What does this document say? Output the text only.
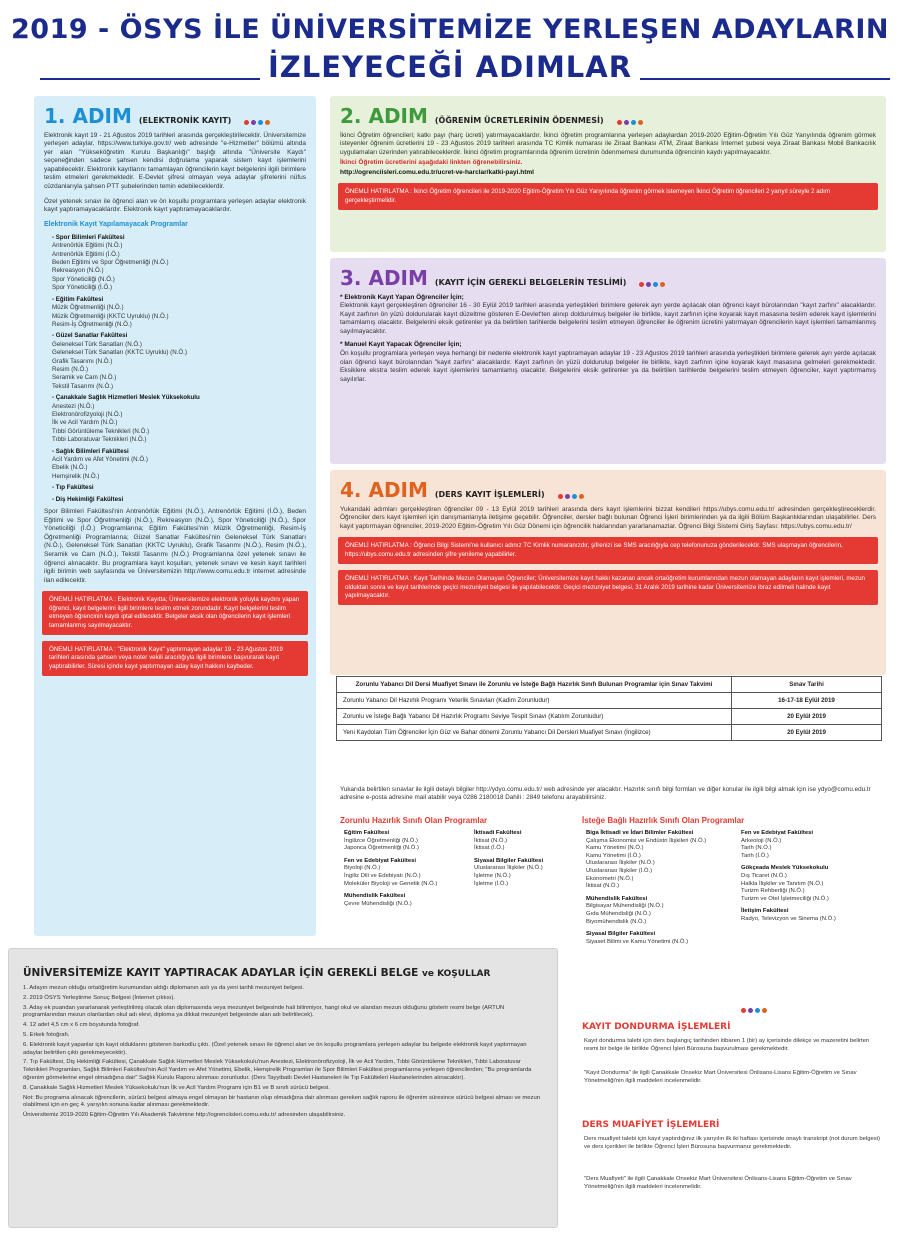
2019 - ÖSYS İLE ÜNİVERSİTEMİZE YERLEŞEN ADAYLARIN
İZLEYECEĞİ ADIMLAR
1. ADIM (ELEKTRONİK KAYIT)
Elektronik kayıt 19 - 21 Ağustos 2019 tarihleri arasında gerçekleştirilecektir. Üniversitemize yerleşen adaylar, https://www.turkiye.gov.tr/ web adresinde "e-Hizmetler" bölümü altında yer alan "Yükseköğretim Kurulu Başkanlığı" başlığı altında "Üniversite Kaydı" seçeneğinden sadece şahsen kendisi doğrulama yaparak sistem kayıt işlemlerini yapabilecektir. Elektronik kayıtlarını tamamlayan öğrencilerin kayıt belgelerini ilgili birimlere teslim etmeleri gerekmektedir. E-Devlet şifresi olmayan veya adaylar şifrelerini nüfus cüzdanlarıyla şahsen PTT şubelerinden temin edebileceklerdir.
Özel yetenek sınavı ile öğrenci alan ve ön koşullu programlara yerleşen adaylar elektronik kayıt yaptıramayacaklardır. Elektronik kayıt yaptıramayacaklardır.
Elektronik Kayıt Yapılamayacak Programlar
- Spor Bilimleri Fakültesi
Antrenörlük Eğitimi (N.Ö.)
Antrenörlük Eğitimi (İ.Ö.)
Beden Eğitimi ve Spor Öğretmenliği (N.Ö.)
Rekreasyon (N.Ö.)
Spor Yöneticiliği (N.Ö.)
Spor Yöneticiliği (İ.Ö.)
- Eğitim Fakültesi
Müzik Öğretmenliği (N.Ö.)
Müzik Öğretmenliği (KKTC Uyruklu) (N.Ö.)
Resim-İş Öğretmenliği (N.Ö.)
- Güzel Sanatlar Fakültesi
Geleneksel Türk Sanatları (N.Ö.)
Geleneksel Türk Sanatları (KKTC Uyruklu) (N.Ö.)
Grafik Tasarımı (N.Ö.)
Resim (N.Ö.)
Seramik ve Cam (N.Ö.)
Tekstil Tasarımı (N.Ö.)
- Çanakkale Sağlık Hizmetleri Meslek Yüksekokulu
Anestezi (N.Ö.)
Elektronörofizyoloji (N.Ö.)
İlk ve Acil Yardım (N.Ö.)
Tıbbi Görüntüleme Teknikleri (N.Ö.)
Tıbbi Laboratuvar Teknikleri (N.Ö.)
- Sağlık Bilimleri Fakültesi
Acil Yardım ve Afet Yönetimi (N.Ö.)
Ebelik (N.Ö.)
Hemşirelik (N.Ö.)
- Tıp Fakültesi
- Diş Hekimliği Fakültesi
Spor Bilimleri Fakültesi'nin Antrenörlük Eğitimi (N.Ö.), Antrenörlük Eğitimi (İ.Ö.), Beden Eğitimi ve Spor Öğretmenliği (N.Ö.), Rekreasyon (N.Ö.), Spor Yöneticiliği (N.Ö.), Spor Yöneticiliği (İ.Ö.) Programlarına; Eğitim Fakültesi'nin Müzik Öğretmenliği, Resim-İş Öğretmenliği Programlarına; Güzel Sanatlar Fakültesi'nin Geleneksel Türk Sanatları (N.Ö.), Geleneksel Türk Sanatları (KKTC Uyruklu), Grafik Tasarımı (N.Ö.), Resim (N.Ö.), Seramik ve Cam (N.Ö.), Tekstil Tasarımı (N.Ö.) Programlarına özel yetenek sınavı ile öğrenci alınacaktır. Bu programlara kayıt koşulları, yetenek sınavı ve kesin kayıt tarihleri ilgili birimin web sayfasında ve Üniversitemizin http://www.comu.edu.tr internet adresinde ilan edilecektir.
ÖNEMLİ HATIRLATMA : Elektronik Kayıtta; Üniversitemize elektronik yoluyla kaydını yapan öğrenci, kayıt belgelerini ilgili birimlere teslim etmek zorundadır. Kayıt belgelerini teslim etmeyen öğrencinin kaydı iptal edilecektir. Belgeler eksik olan öğrencilerin kayıt işlemleri tamamlanmış sayılmayacaktır.
ÖNEMLİ HATIRLATMA : "Elektronik Kayıt" yaptırmayan adaylar 19 - 23 Ağustos 2019 tarihleri arasında şahsen veya noter vekili aracılığıyla ilgili birimlere başvurarak kayıt yaptırabilirler. Süresi içinde kayıt yaptırmayan aday kayıt hakkını kaybeder.
2. ADIM (ÖĞRENİM ÜCRETLERİNİN ÖDENMESİ)
İkinci Öğretim öğrencileri; katkı payı (harç ücreti) yatırmayacaklardır. İkinci öğretim programlarına yerleşen adaylardan 2019-2020 Eğitim-Öğretim Yılı Güz Yarıyılında öğrenim görmek isteyenler öğrenim ücretlerini 19 - 23 Ağustos 2019 tarihleri arasında TC Kimlik numarası ile Ziraat Bankası ATM, Ziraat Bankası İnternet şubesi veya Ziraat Bankası Mobil Bankacılık uygulamaları üzerinden yatırabileceklerdir. İkinci öğretim programlarında öğrenim ücretinin ödenmemesi durumunda öğrencinin kaydı yapılmayacaktır.
İkinci Öğretim ücretlerini aşağıdaki linkten öğrenebilirsiniz.
http://ogrenciisleri.comu.edu.tr/ucret-ve-harclar/katki-payi.html
ÖNEMLİ HATIRLATMA : İkinci Öğretim öğrencileri ile 2019-2020 Eğitim-Öğretim Yılı Güz Yarıyılında öğrenim görmek istemeyen İkinci Öğretim öğrencileri 2 yarıyıl süreyle 2 adım gerçekleştirmelidir.
3. ADIM (KAYIT İÇİN GEREKLİ BELGELERİN TESLİMİ)
* Elektronik Kayıt Yapan Öğrenciler İçin;
Elektronik kayıt gerçekleştiren öğrenciler 16 - 30 Eylül 2019 tarihleri arasında yerleştikleri birimlere gelerek ayrı yerde açılacak olan öğrenci kayıt bürolarından "kayıt zarfını" alacaklardır. Kayıt zarfının ön yüzü doldurularak kayıt düzeltme gösteren E-Devlet'ten alınıp doldurulmuş belgeler ile birlikte, kayıt zarfının içine koyarak kayıt masasına teslim ederek kayıt işlemlerini tamamlamış olacaktır. Belgelerini eksik getirenler ya da belirtilen tarihlerde belgelerini teslim etmeyen öğrenciler ile öğrenim ücretini yatırmayan öğrencilerin kayıt işlemleri tamamlanmış sayılmayacaktır.
* Manuel Kayıt Yapacak Öğrenciler İçin;
Ön koşullu programlara yerleşen veya herhangi bir nedenle elektronik kayıt yaptıramayan adaylar 19 - 23 Ağustos 2019 tarihleri arasında yerleştikleri birimlere gelerek ayrı yerde açılacak olan öğrenci kayıt bürolarından "kayıt zarfını" alacaklardır. Kayıt zarfının ön yüzü doldurulup belgeler ile birlikte, kayıt zarfının içine koyarak kayıt masasına gelmeleri gerekmektedir. Eksiklere ekstra teslim ederek kayıt işlemlerini tamamlamış olacaktır. Belgelerini eksik getirenler ya da belirtilen tarihlerde belgelerini teslim etmeyen öğrenciler, kayıt yaptırmamış sayılırlar.
4. ADIM (DERS KAYIT İŞLEMLERİ)
Yukarıdaki adımları gerçekleştiren öğrenciler 09 - 13 Eylül 2019 tarihleri arasında ders kayıt işlemlerini bizzat kendileri https://ubys.comu.edu.tr/ adresinden gerçekleştireceklerdir. Öğrenciler ders kayıt işlemleri için danışmanlarıyla iletişime geçebilir. Öğrenciler, dersler bağlı bulunan Öğrenci İşleri birimlerinden ya da ilgili Bölüm Başkanlıklarından ulaşabilirler. Ders kayıt yaptırmayan öğrenciler, 2019-2020 Eğitim-Öğretim Yılı Güz Dönemi için öğrencilik haklarından yararlanamazlar. Öğrenci Bilgi Sistemi Giriş Sayfası: https://ubys.comu.edu.tr/
ÖNEMLİ HATIRLATMA : Öğrenci Bilgi Sistemi'ne kullanıcı adınız TC Kimlik numaranızdır, şifrenizi ise SMS aracılığıyla cep telefonunuza gönderilecektir. SMS ulaşmayan öğrencilerin, https://ubys.comu.edu.tr adresinden şifre yenileme yapabilirler.
ÖNEMLİ HATIRLATMA : Kayıt Tarihinde Mezun Olamayan Öğrenciler; Üniversitemize kayıt hakkı kazanan ancak ortaöğretim kurumlarından mezun olamayan adayların kayıt işlemleri, mezun olduktan sonra ve kayıt tarihlerinde geçici mezuniyet belgesi ile yapılabilecektir. Geçici mezuniyet belgesi, 31 Aralık 2019 tarihine kadar Üniversitemize ibraz edilmeli halinde kayıt yapılmayacaktır.
Zorunlu Yabancı Dil Dersi Muafiyet Sınavı ile Zorunlu ve İsteğe Bağlı Hazırlık Sınıfı Bulunan Programlar için Sınav Takvimi	Sınav Tarihi
Zorunlu Yabancı Dil Hazırlık Programı Yeterlik Sınavları (Kadim Zorunludur)	16-17-18 Eylül 2019
Zorunlu ve İsteğe Bağlı Yabancı Dil Hazırlık Programı Seviye Tespit Sınavı (Katılım Zorunludur)	20 Eylül 2019
Yeni Kaydolan Tüm Öğrenciler İçin Güz ve Bahar dönemi Zorunlu Yabancı Dil Dersleri Muafiyet Sınavı (İngilizce)	20 Eylül 2019
Yukarıda belirtilen sınavlar ile ilgili detaylı bilgiler http://ydyo.comu.edu.tr/ web adresinde yer alacaktır. Hazırlık sınıfı bilgi formları ve diğer konular ile ilgili bilgi almak için ise ydyo@comu.edu.tr adresine e-posta adresine mail atabilir veya 0286 2180018 Dahili : 2849 telefonu arayabilirsiniz.
Zorunlu Hazırlık Sınıfı Olan Programlar
Eğitim Fakültesi
İngilizce Öğretmenliği (N.Ö.)
Japonca Öğretmenliği (N.Ö.)
Fen ve Edebiyat Fakültesi
Biyoloji (N.Ö.)
İngiliz Dili ve Edebiyatı (N.Ö.)
Moleküler Biyoloji ve Genetik (N.Ö.)
Mühendislik Fakültesi
Çevre Mühendisliği (N.Ö.)
İktisadi Fakültesi
İktisat (N.Ö.)
İktisat (İ.Ö.)
Siyasal Bilgiler Fakültesi
Uluslararası İlişkiler (N.Ö.)
İşletme (N.Ö.)
İşletme (İ.Ö.)
İsteğe Bağlı Hazırlık Sınıfı Olan Programlar
Biga İktisadi ve İdari Bilimler Fakültesi
Çalışma Ekonomisi ve Endüstri İlişkileri (N.Ö.)
Kamu Yönetimi (N.Ö.)
Kamu Yönetimi (İ.Ö.)
Uluslararası İlişkiler (N.Ö.)
Uluslararası İlişkiler (İ.Ö.)
Ekonometri (N.Ö.)
İktisat (N.Ö.)
Mühendislik Fakültesi
Bilgisayar Mühendisliği (N.Ö.)
Gıda Mühendisliği (N.Ö.)
Biyomühendislik (N.Ö.)
Siyasal Bilgiler Fakültesi
Siyaset Bilimi ve Kamu Yönetimi (N.Ö.)
Fen ve Edebiyat Fakültesi
Arkeoloji (N.Ö.)
Tarih (N.Ö.)
Tarih (İ.Ö.)
Gökçeada Meslek Yüksekokulu
Dış Ticaret (N.Ö.)
Halkla İlişkiler ve Tanıtım (N.Ö.)
Turizm Rehberliği (N.Ö.)
Turizm ve Otel İşletmeciliği (N.Ö.)
İletişim Fakültesi
Radyo, Televizyon ve Sinema (N.Ö.)
ÜNİVERSİTEMİZE KAYIT YAPTIRACAK ADAYLAR İÇİN GEREKLİ BELGE ve KOŞULLAR

1. Adayın mezun olduğu ortaöğretim kurumundan aldığı diplomanın aslı ya da yeni tarihli mezuniyet belgesi.

2. 2019 ÖSYS Yerleştirme Sonuç Belgesi (İnternet çıktısı).

3. Aday ek puandan yararlanarak yerleştirilmiş olacak olan diplomasında veya mezuniyet belgesinde hali bilinmiyor, hangi okul ve alandan mezun olduğunu gösterir resmi belge (ARTUN programlarından mezun olanlardan okul adı elevi, diploma ya dikkat mezuniyet belgesinde alan adı belirtilecek).

4. 12 adet 4,5 cm x 6 cm boyutunda fotoğraf.

5. Erkek fotoğrafı.

6. Elektronik kayıt yapanlar için kayıt olduklarını gösteren barkodlu çıktı. (Özel yetenek sınavı ile öğrenci alan ve ön koşullu programlara yerleşen adaylar bu belgede elektronik kayıt yaptırmayan adaylar belirtilen çıktı gerekmeyecektir).

7. Tıp Fakültesi, Diş Hekimliği Fakültesi, Çanakkale Sağlık Hizmetleri Meslek Yüksekokulu'nun Anestezi, Elektronörofizyoloji, İlk ve Acil Yardım, Tıbbi Görüntüleme Teknikleri, Tıbbi Laboratuvar Teknikleri Programları, Sağlık Bilimleri Fakültesi'nin Acil Yardım ve Afet Yönetimi, Ebelik, Hemşirelik Programları ile Spor Bilimleri Fakültesi programlarına yerleşen öğrencilerden; "Bu programlarda öğrenim görmelerine engel olmadığına dair" Sağlık Kurulu Raporu alınması zorunludur. (Ders Tayyibatlı Devlet Hastaneleri ile Tıp Fakülteleri Hastanelerinden alınacaktır).

8. Çanakkale Sağlık Hizmetleri Meslek Yüksekokulu'nun İlk ve Acil Yardım Programı için B1 ve B sınıfı sürücü belgesi.

Not: Bu programa alınacak öğrencilerin, sürücü belgesi almaya engel olmayan bir hastanın olup olmadığına dair alınması gereken sağlık raporu ile öğrenim süresince sürücü belgesi alması ve mezun olabilmesi için en geç 4. yarıyılın sonuna kadar alınması gerekmektedir.

Üniversitemiz 2019-2020 Eğitim-Öğretim Yılı Akademik Takvimine http://ogrenciisleri.comu.edu.tr/ adresinden ulaşabilirsiniz.

KAYIT DONDURMA İŞLEMLERİ
Kayıt dondurma talebi için ders başlangıç tarihinden itibaren 1 (bir) ay içerisinde dilekçe ve mazeretini belirten resmi bir belge ile birlikte Öğrenci İşleri Bürosuna başvurulması gerekmektedir.
"Kayıt Dondurma" ile ilgili Çanakkale Onsekiz Mart Üniversitesi Önlisans-Lisans Eğitim-Öğretim ve Sınav Yönetmeliği'nin ilgili maddeleri incelenmelidir.
DERS MUAFİYET İŞLEMLERİ
Ders muafiyet talebi için kayıt yaptırdığınız ilk yarıyılın ilk iki haftası içerisinde onaylı transkript (not durum belgesi) ve ders içerikleri ile birlikte Öğrenci İşleri Bürosuna başvurmanız gerekmektedir.
"Ders Muafiyeti" ile ilgili Çanakkale Onsekiz Mart Üniversitesi Önlisans-Lisans Eğitim-Öğretim ve Sınav Yönetmeliği'nin ilgili maddeleri incelenmelidir.
